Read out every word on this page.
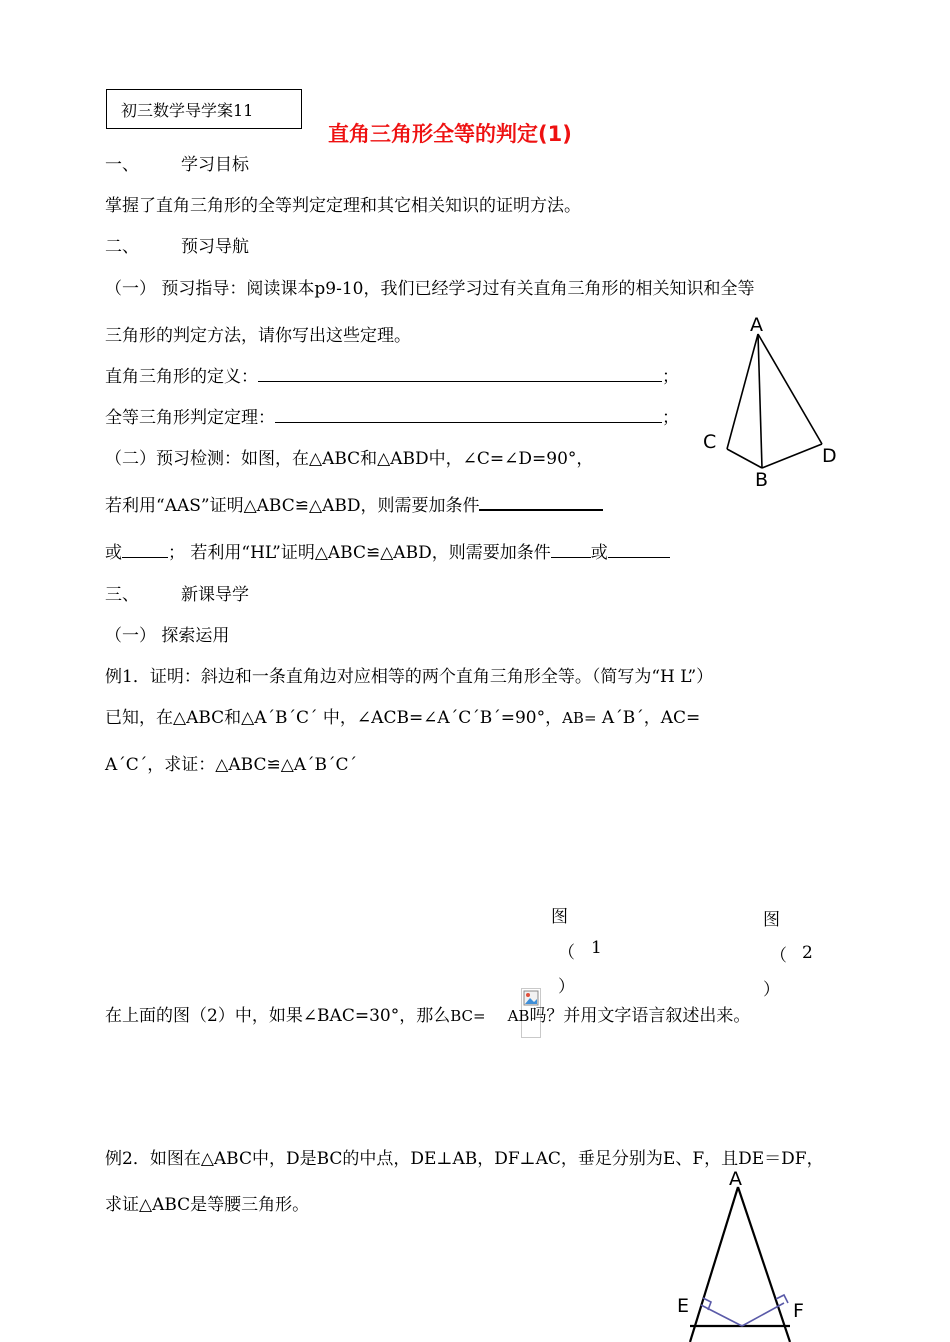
初三数学导学案11
直角三角形全等的判定(1)
一、 学习目标
掌握了直角三角形的全等判定定理和其它相关知识的证明方法。
二、 预习导航
（一） 预习指导：阅读课本p9-10，我们已经学习过有关直角三角形的相关知识和全等
三角形的判定方法，请你写出这些定理。
直角三角形的定义：	；
全等三角形判定定理：	；
（二）预习检测：如图，在△ABC和△ABD中，∠C=∠D=90°，
若利用“AAS”证明△ABC≌△ABD，则需要加条件
或	； 若利用“HL”证明△ABC≌△ABD，则需要加条件 或
A
C
B
D
三、 新课导学
（一） 探索运用
例1．证明：斜边和一条直角边对应相等的两个直角三角形全等。（简写为“H L”）
已知，在△ABC和△A´B´C´ 中，∠ACB=∠A´C´B´=90°，AB= A´B´，AC=
A´C´，求证：△ABC≌△A´B´C´
图
（ 1
）
图
（ 2
）
在上面的图（2）中，如果∠BAC=30°，那么BC= AB吗？并用文字语言叙述出来。
例2．如图在△ABC中，D是BC的中点，DE⊥AB，DF⊥AC，垂足分别为E、F，且DE＝DF，
求证△ABC是等腰三角形。
A
E	F
